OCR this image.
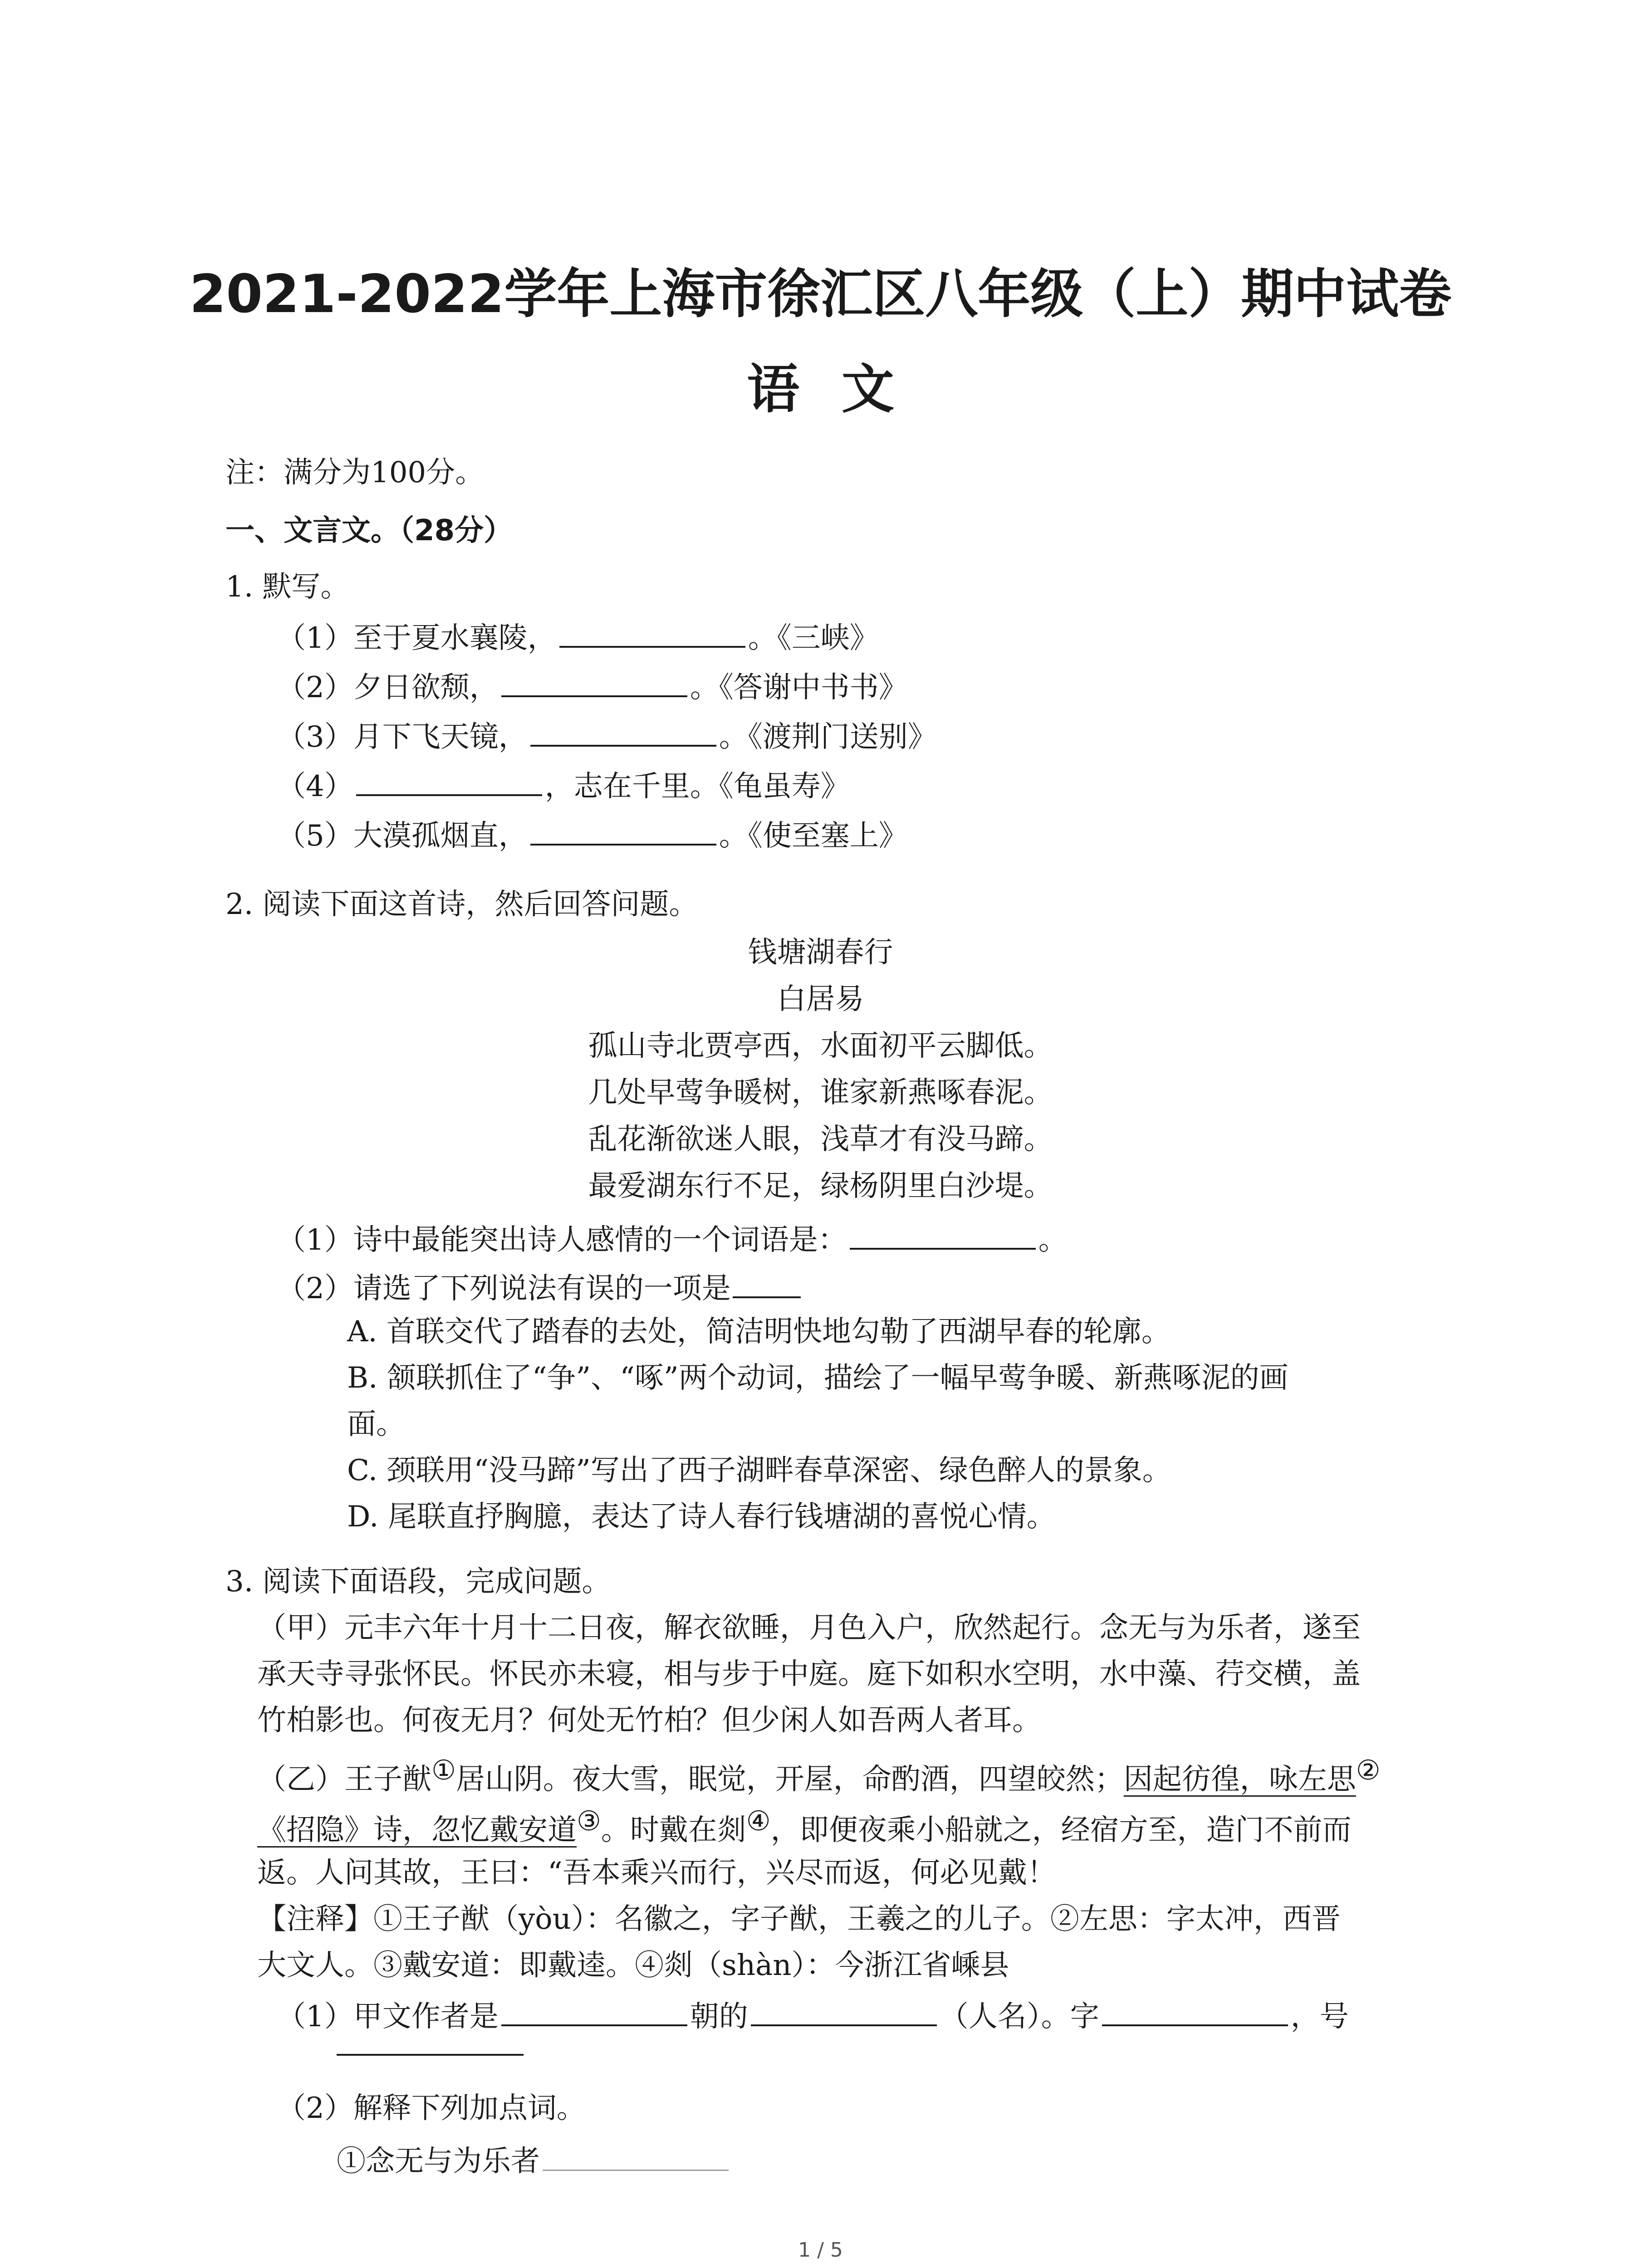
2021-2022学年上海市徐汇区八年级（上）期中试卷
语文
注：满分为100分。
一、文言文。（28分）
1. 默写。
（1）至于夏水襄陵，	。《三峡》
（2）夕日欲颓，	。《答谢中书书》
（3）月下飞天镜，	。《渡荆门送别》
（4）	，志在千里。《龟虽寿》
（5）大漠孤烟直，	。《使至塞上》
2. 阅读下面这首诗，然后回答问题。
钱塘湖春行
白居易
孤山寺北贾亭西，水面初平云脚低。
几处早莺争暖树，谁家新燕啄春泥。
乱花渐欲迷人眼，浅草才有没马蹄。
最爱湖东行不足，绿杨阴里白沙堤。
（1）诗中最能突出诗人感情的一个词语是：	。
（2）请选了下列说法有误的一项是
A. 首联交代了踏春的去处，简洁明快地勾勒了西湖早春的轮廓。
B. 颔联抓住了“争”、“啄”两个动词，描绘了一幅早莺争暖、新燕啄泥的画
面。
C. 颈联用“没马蹄”写出了西子湖畔春草深密、绿色醉人的景象。
D. 尾联直抒胸臆，表达了诗人春行钱塘湖的喜悦心情。
3. 阅读下面语段，完成问题。
（甲）元丰六年十月十二日夜，解衣欲睡，月色入户，欣然起行。念无与为乐者，遂至
承天寺寻张怀民。怀民亦未寝，相与步于中庭。庭下如积水空明，水中藻、荇交横，盖
竹柏影也。何夜无月？何处无竹柏？但少闲人如吾两人者耳。
（乙）王子猷①居山阴。夜大雪，眠觉，开屋，命酌酒，四望皎然；因起彷徨，咏左思②
《招隐》诗，忽忆戴安道③。时戴在剡④，即便夜乘小船就之，经宿方至，造门不前而
返。人问其故，王曰：“吾本乘兴而行，兴尽而返，何必见戴！
【注释】①王子猷（yòu）：名徽之，字子猷，王羲之的儿子。②左思：字太冲，西晋
大文人。③戴安道：即戴逵。④剡（shàn）：今浙江省嵊县
（1）甲文作者是	朝的	（人名）。字	，号
（2）解释下列加点词。
①念无与为乐者
1 / 5
